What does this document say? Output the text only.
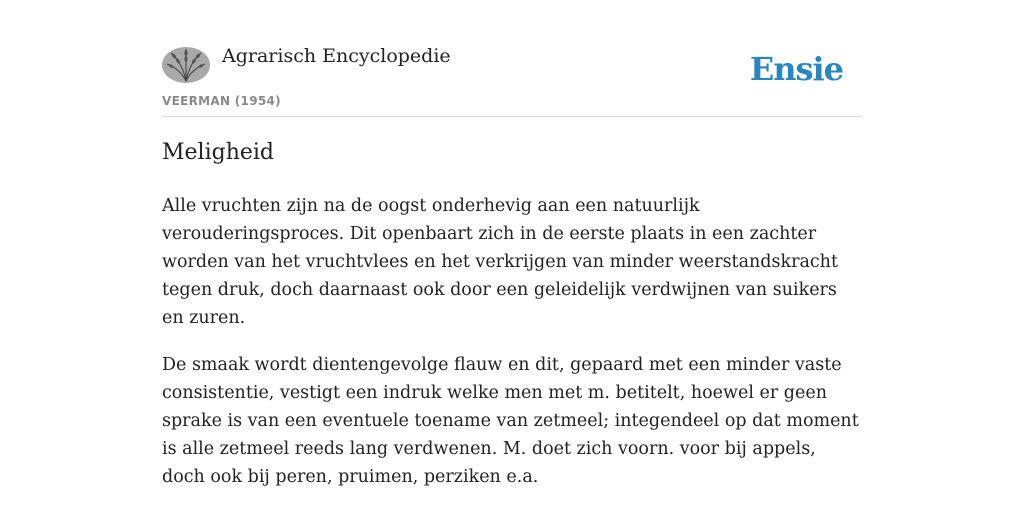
Agrarisch Encyclopedie
VEERMAN (1954)
Ensie
Meligheid

Alle vruchten zijn na de oogst onderhevig aan een natuurlijk verouderingsproces. Dit openbaart zich in de eerste plaats in een zachter worden van het vruchtvlees en het verkrijgen van minder weerstandskracht tegen druk, doch daarnaast ook door een geleidelijk verdwijnen van suikers en zuren.

De smaak wordt dientengevolge flauw en dit, gepaard met een minder vaste consistentie, vestigt een indruk welke men met m. betitelt, hoewel er geen sprake is van een eventuele toename van zetmeel; integendeel op dat moment is alle zetmeel reeds lang verdwenen. M. doet zich voorn. voor bij appels, doch ook bij peren, pruimen, perziken e.a.
